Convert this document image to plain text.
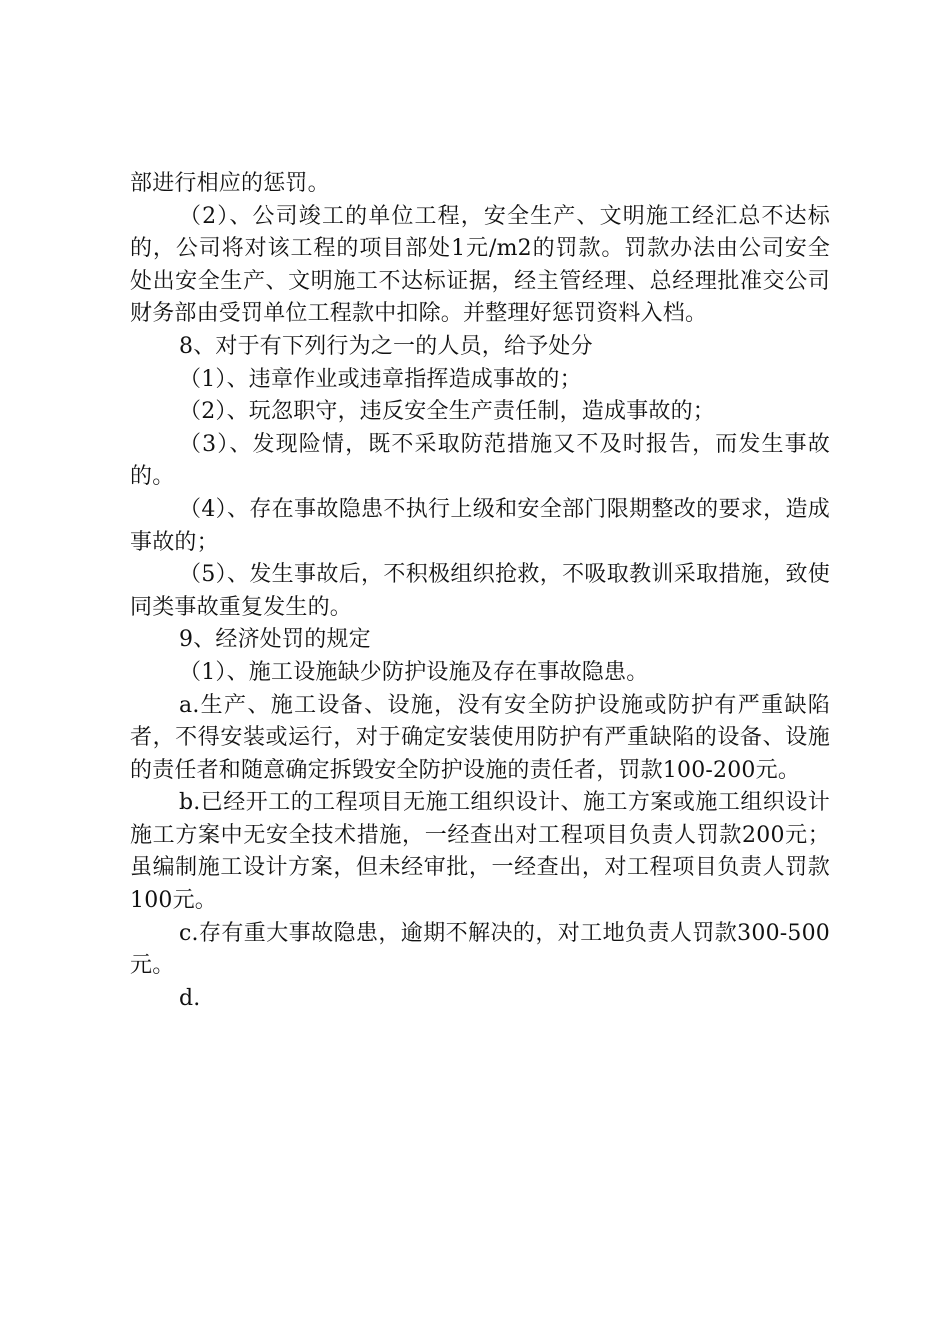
部进行相应的惩罚。

（2）、公司竣工的单位工程，安全生产、文明施工经汇总不达标的，公司将对该工程的项目部处1元/m2的罚款。罚款办法由公司安全处出安全生产、文明施工不达标证据，经主管经理、总经理批准交公司财务部由受罚单位工程款中扣除。并整理好惩罚资料入档。

8、对于有下列行为之一的人员，给予处分

（1）、违章作业或违章指挥造成事故的；

（2）、玩忽职守，违反安全生产责任制，造成事故的；

（3）、发现险情，既不采取防范措施又不及时报告，而发生事故的。

（4）、存在事故隐患不执行上级和安全部门限期整改的要求，造成事故的；

（5）、发生事故后，不积极组织抢救，不吸取教训采取措施，致使同类事故重复发生的。

9、经济处罚的规定

（1）、施工设施缺少防护设施及存在事故隐患。

a.生产、施工设备、设施，没有安全防护设施或防护有严重缺陷者，不得安装或运行，对于确定安装使用防护有严重缺陷的设备、设施的责任者和随意确定拆毁安全防护设施的责任者，罚款100-200元。

b.已经开工的工程项目无施工组织设计、施工方案或施工组织设计施工方案中无安全技术措施，一经查出对工程项目负责人罚款200元；虽编制施工设计方案，但未经审批，一经查出，对工程项目负责人罚款100元。

c.存有重大事故隐患，逾期不解决的，对工地负责人罚款300-500元。

d.
